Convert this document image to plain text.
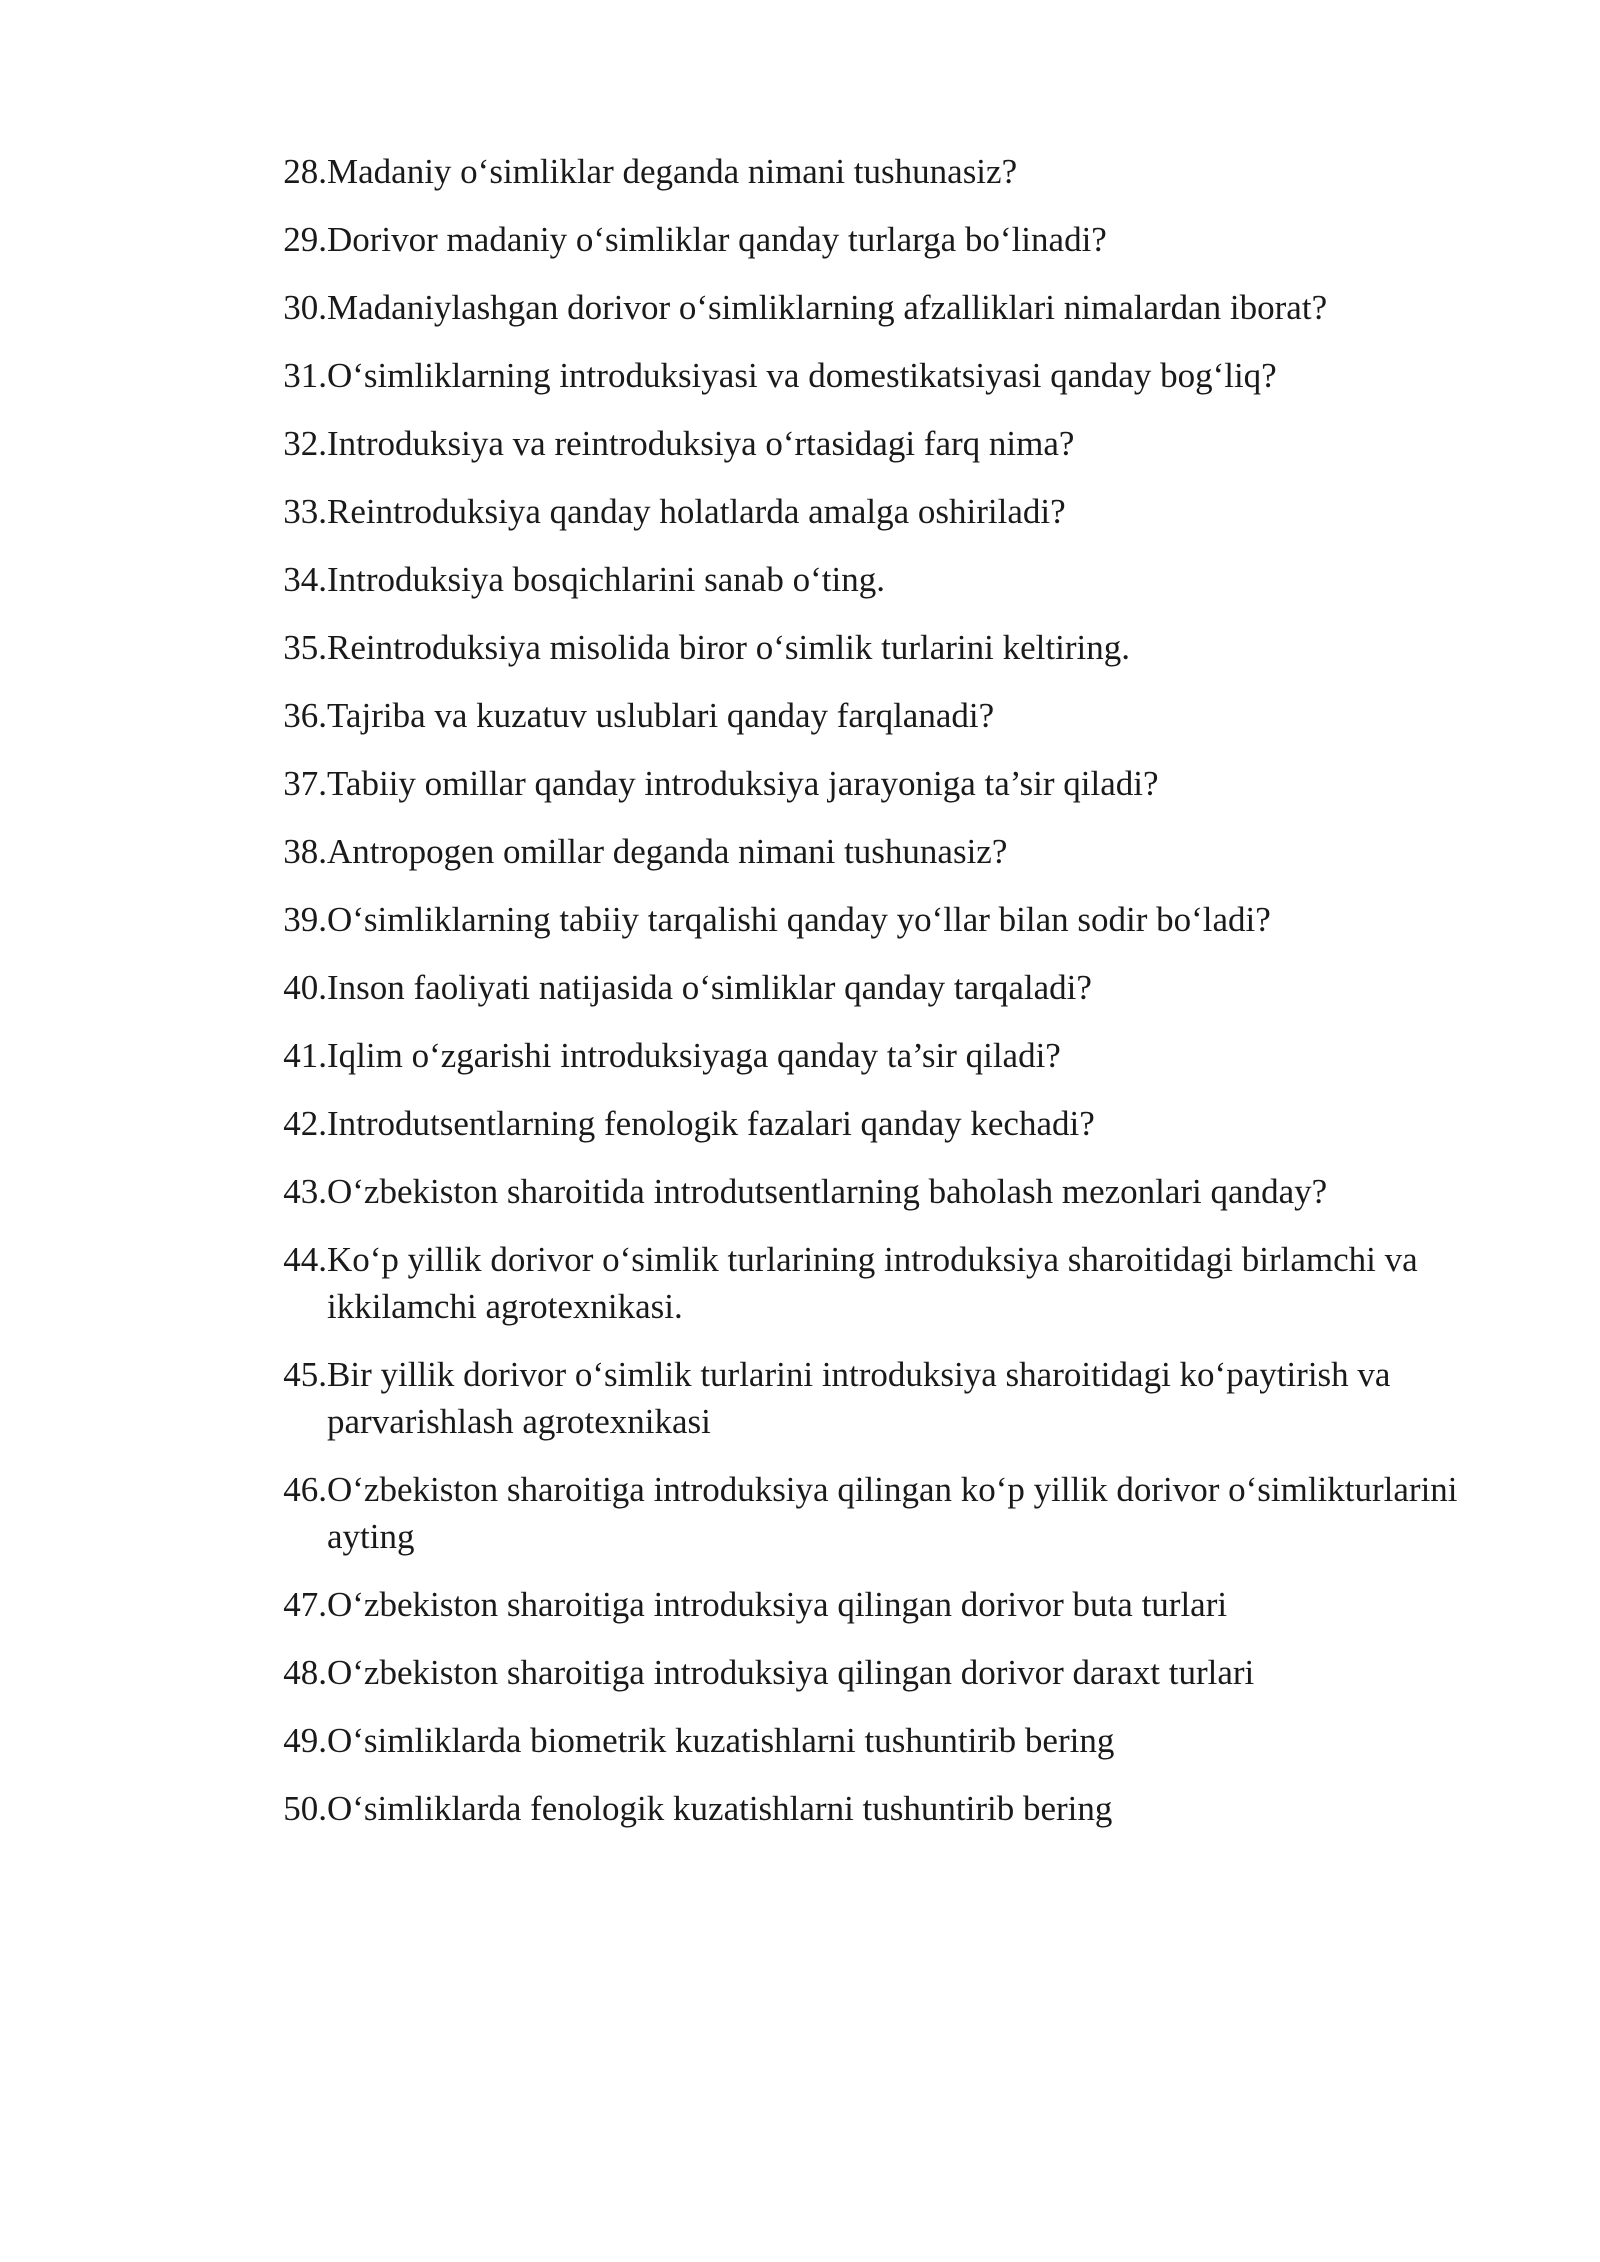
28. Madaniy o‘simliklar deganda nimani tushunasiz?
29. Dorivor madaniy o‘simliklar qanday turlarga bo‘linadi?
30. Madaniylashgan dorivor o‘simliklarning afzalliklari nimalardan iborat?
31. O‘simliklarning introduksiyasi va domestikatsiyasi qanday bog‘liq?
32. Introduksiya va reintroduksiya o‘rtasidagi farq nima?
33. Reintroduksiya qanday holatlarda amalga oshiriladi?
34. Introduksiya bosqichlarini sanab o‘ting.
35. Reintroduksiya misolida biror o‘simlik turlarini keltiring.
36. Tajriba va kuzatuv uslublari qanday farqlanadi?
37. Tabiiy omillar qanday introduksiya jarayoniga ta’sir qiladi?
38. Antropogen omillar deganda nimani tushunasiz?
39. O‘simliklarning tabiiy tarqalishi qanday yo‘llar bilan sodir bo‘ladi?
40. Inson faoliyati natijasida o‘simliklar qanday tarqaladi?
41. Iqlim o‘zgarishi introduksiyaga qanday ta’sir qiladi?
42. Introdutsentlarning fenologik fazalari qanday kechadi?
43. O‘zbekiston sharoitida introdutsentlarning baholash mezonlari qanday?
44. Ko‘p yillik dorivor o‘simlik turlarining introduksiya sharoitidagi birlamchi va ikkilamchi agrotexnikasi.
45. Bir yillik dorivor o‘simlik turlarini introduksiya sharoitidagi ko‘paytirish va parvarishlash agrotexnikasi
46. O‘zbekiston sharoitiga introduksiya qilingan ko‘p yillik dorivor o‘simlikturlarini ayting
47. O‘zbekiston sharoitiga introduksiya qilingan dorivor buta turlari
48. O‘zbekiston sharoitiga introduksiya qilingan dorivor daraxt turlari
49. O‘simliklarda biometrik kuzatishlarni tushuntirib bering
50. O‘simliklarda fenologik kuzatishlarni tushuntirib bering
